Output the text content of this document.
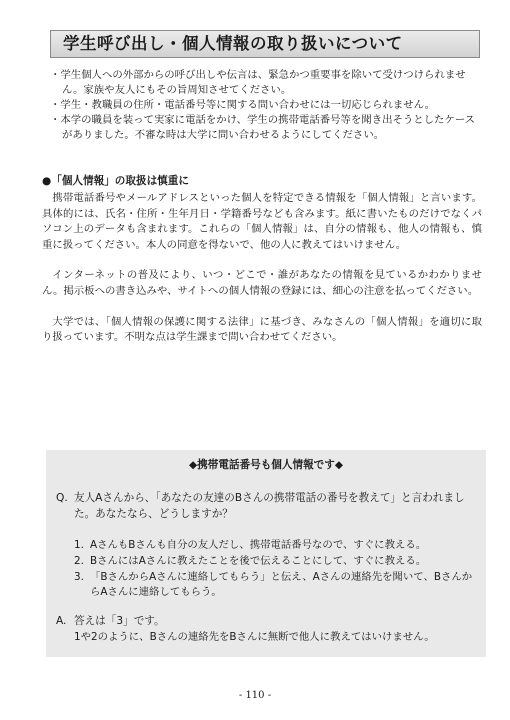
学生呼び出し・個人情報の取り扱いについて

・学生個人への外部からの呼び出しや伝言は、緊急かつ重要事を除いて受けつけられません。家族や友人にもその旨周知させてください。

・学生・教職員の住所・電話番号等に関する問い合わせには一切応じられません。

・本学の職員を装って実家に電話をかけ、学生の携帯電話番号等を聞き出そうとしたケースがありました。不審な時は大学に問い合わせるようにしてください。

●「個人情報」の取扱は慎重に

携帯電話番号やメールアドレスといった個人を特定できる情報を「個人情報」と言います。具体的には、氏名・住所・生年月日・学籍番号なども含みます。紙に書いたものだけでなくパソコン上のデータも含まれます。これらの「個人情報」は、自分の情報も、他人の情報も、慎重に扱ってください。本人の同意を得ないで、他の人に教えてはいけません。

インターネットの普及により、いつ・どこで・誰があなたの情報を見ているかわかりません。掲示板への書き込みや、サイトへの個人情報の登録には、細心の注意を払ってください。

大学では、「個人情報の保護に関する法律」に基づき、みなさんの「個人情報」を適切に取り扱っています。不明な点は学生課まで問い合わせてください。

◆携帯電話番号も個人情報です◆
Q. 友人Aさんから、「あなたの友達のBさんの携帯電話の番号を教えて」と言われました。あなたなら、どうしますか？
1. AさんもBさんも自分の友人だし、携帯電話番号なので、すぐに教える。
2. BさんにはAさんに教えたことを後で伝えることにして、すぐに教える。
3. 「BさんからAさんに連絡してもらう」と伝え、Aさんの連絡先を聞いて、BさんからAさんに連絡してもらう。
A. 答えは「3」です。
1や2のように、Bさんの連絡先をBさんに無断で他人に教えてはいけません。
- 110 -
